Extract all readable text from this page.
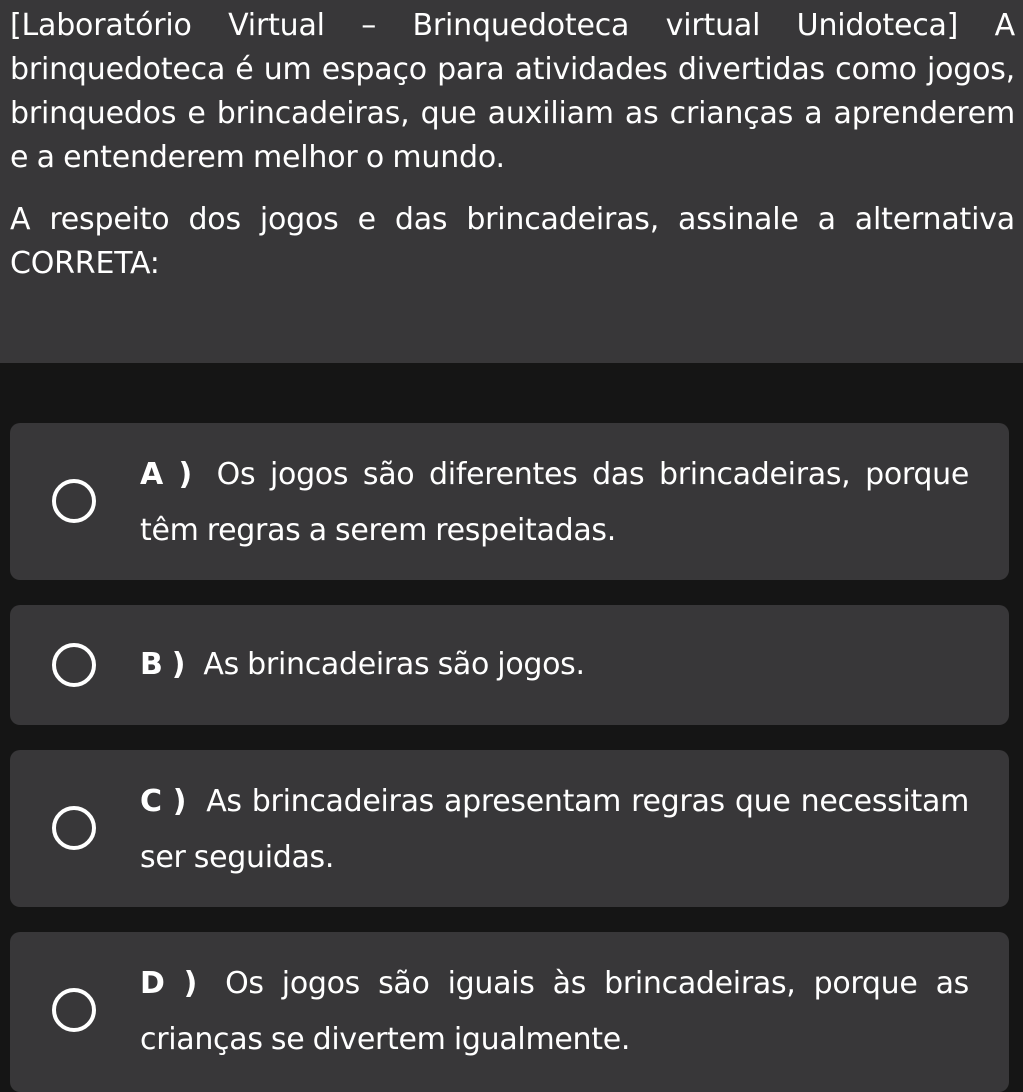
[Laboratório Virtual – Brinquedoteca virtual Unidoteca] A brinquedoteca é um espaço para atividades divertidas como jogos, brinquedos e brincadeiras, que auxiliam as crianças a aprenderem e a entenderem melhor o mundo.

A respeito dos jogos e das brincadeiras, assinale a alternativa CORRETA:

A ) Os jogos são diferentes das brincadeiras, porque têm regras a serem respeitadas.
B ) As brincadeiras são jogos.
C ) As brincadeiras apresentam regras que necessitam ser seguidas.
D ) Os jogos são iguais às brincadeiras, porque as crianças se divertem igualmente.
